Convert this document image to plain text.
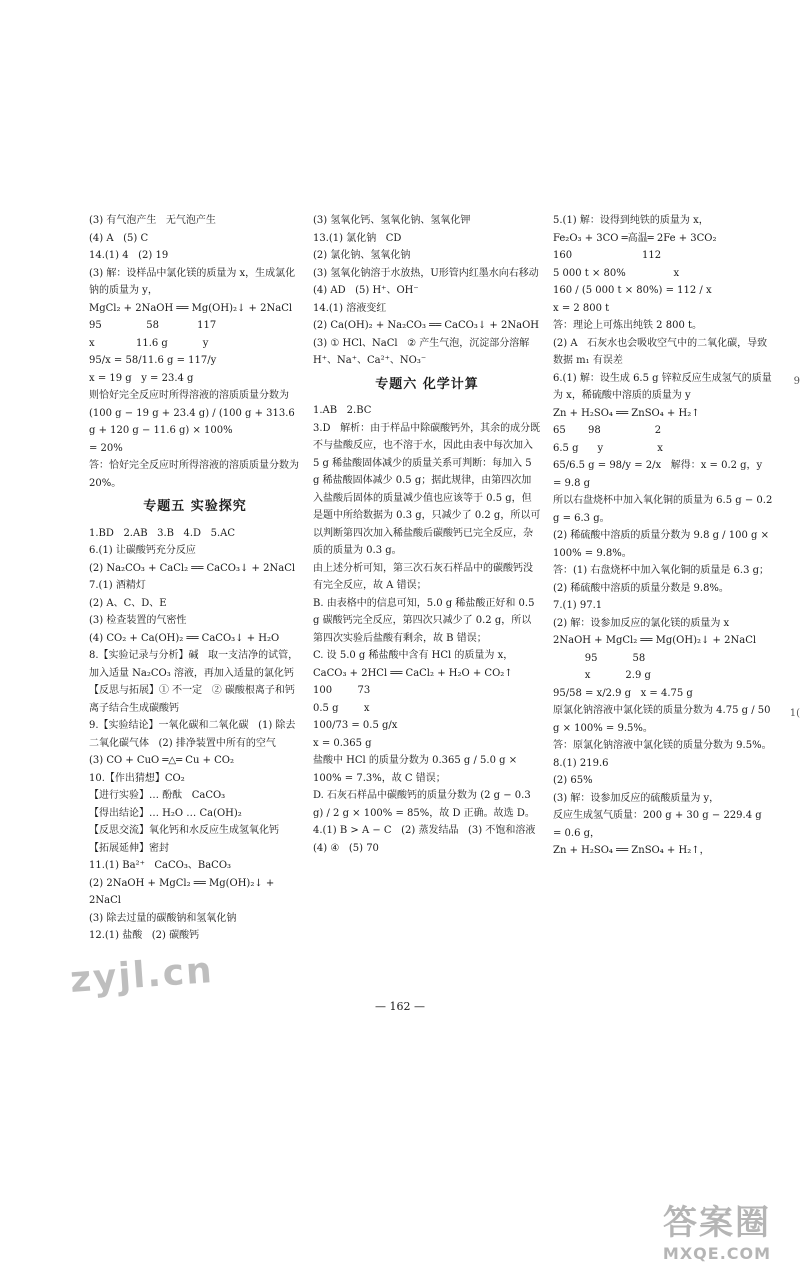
(3) 有气泡产生   无气泡产生
(4) A   (5) C
14.(1) 4   (2) 19
(3) 解：设样品中氯化镁的质量为 x，生成氯化钠的质量为 y，
MgCl₂ + 2NaOH ══ Mg(OH)₂↓ + 2NaCl
95              58            117
x             11.6 g           y
95/x = 58/11.6 g = 117/y
x = 19 g   y = 23.4 g
则恰好完全反应时所得溶液的溶质质量分数为 (100 g − 19 g + 23.4 g) / (100 g + 313.6 g + 120 g − 11.6 g) × 100%
= 20%
答：恰好完全反应时所得溶液的溶质质量分数为 20%。
专题五 实验探究
1.BD   2.AB   3.B   4.D   5.AC
6.(1) 让碳酸钙充分反应
(2) Na₂CO₃ + CaCl₂ ══ CaCO₃↓ + 2NaCl
7.(1) 酒精灯
(2) A、C、D、E
(3) 检查装置的气密性
(4) CO₂ + Ca(OH)₂ ══ CaCO₃↓ + H₂O
8.【实验记录与分析】碱   取一支洁净的试管，加入适量 Na₂CO₃ 溶液，再加入适量的氯化钙
【反思与拓展】① 不一定   ② 碳酸根离子和钙离子结合生成碳酸钙
9.【实验结论】一氧化碳和二氧化碳   (1) 除去二氧化碳气体   (2) 排净装置中所有的空气
(3) CO + CuO ═△═ Cu + CO₂
10.【作出猜想】CO₂
【进行实验】… 酚酞   CaCO₃
【得出结论】… H₂O … Ca(OH)₂
【反思交流】氧化钙和水反应生成氢氧化钙
【拓展延伸】密封
11.(1) Ba²⁺   CaCO₃、BaCO₃
(2) 2NaOH + MgCl₂ ══ Mg(OH)₂↓ + 2NaCl
(3) 除去过量的碳酸钠和氢氧化钠
12.(1) 盐酸   (2) 碳酸钙
(3) 氢氧化钙、氢氧化钠、氢氧化钾
13.(1) 氯化钠   CD
(2) 氯化钠、氢氧化钠
(3) 氢氧化钠溶于水放热，U形管内红墨水向右移动
(4) AD   (5) H⁺、OH⁻
14.(1) 溶液变红
(2) Ca(OH)₂ + Na₂CO₃ ══ CaCO₃↓ + 2NaOH
(3) ① HCl、NaCl   ② 产生气泡，沉淀部分溶解   H⁺、Na⁺、Ca²⁺、NO₃⁻
专题六 化学计算
1.AB   2.BC
3.D   解析：由于样品中除碳酸钙外，其余的成分既不与盐酸反应，也不溶于水，因此由表中每次加入 5 g 稀盐酸固体减少的质量关系可判断：每加入 5 g 稀盐酸固体减少 0.5 g；据此规律，由第四次加入盐酸后固体的质量减少值也应该等于 0.5 g，但是题中所给数据为 0.3 g，只减少了 0.2 g，所以可以判断第四次加入稀盐酸后碳酸钙已完全反应，杂质的质量为 0.3 g。
由上述分析可知，第三次石灰石样品中的碳酸钙没有完全反应，故 A 错误；
B. 由表格中的信息可知，5.0 g 稀盐酸正好和 0.5 g 碳酸钙完全反应，第四次只减少了 0.2 g，所以第四次实验后盐酸有剩余，故 B 错误；
C. 设 5.0 g 稀盐酸中含有 HCl 的质量为 x，
CaCO₃ + 2HCl ══ CaCl₂ + H₂O + CO₂↑
100        73
0.5 g        x
100/73 = 0.5 g/x
x = 0.365 g
盐酸中 HCl 的质量分数为 0.365 g / 5.0 g × 100% = 7.3%，故 C 错误；
D. 石灰石样品中碳酸钙的质量分数为 (2 g − 0.3 g) / 2 g × 100% = 85%，故 D 正确。故选 D。
4.(1) B > A − C   (2) 蒸发结晶   (3) 不饱和溶液
(4) ④   (5) 70
5.(1) 解：设得到纯铁的质量为 x，
Fe₂O₃ + 3CO ═高温═ 2Fe + 3CO₂
160                      112
5 000 t × 80%               x
160 / (5 000 t × 80%) = 112 / x
x = 2 800 t
答：理论上可炼出纯铁 2 800 t。
(2) A   石灰水也会吸收空气中的二氧化碳，导致数据 m₁ 有误差
6.(1) 解：设生成 6.5 g 锌粒反应生成氢气的质量为 x，稀硫酸中溶质的质量为 y
Zn + H₂SO₄ ══ ZnSO₄ + H₂↑
65       98                 2
6.5 g      y                 x
65/6.5 g = 98/y = 2/x   解得：x = 0.2 g，y = 9.8 g
所以右盘烧杯中加入氧化铜的质量为 6.5 g − 0.2 g = 6.3 g。
(2) 稀硫酸中溶质的质量分数为 9.8 g / 100 g × 100% = 9.8%。
答：(1) 右盘烧杯中加入氧化铜的质量是 6.3 g；(2) 稀硫酸中溶质的质量分数是 9.8%。
7.(1) 97.1
(2) 解：设参加反应的氯化镁的质量为 x
2NaOH + MgCl₂ ══ Mg(OH)₂↓ + 2NaCl
95           58
x           2.9 g
95/58 = x/2.9 g   x = 4.75 g
原氯化钠溶液中氯化镁的质量分数为 4.75 g / 50 g × 100% = 9.5%。
答：原氯化钠溶液中氯化镁的质量分数为 9.5%。
8.(1) 219.6
(2) 65%
(3) 解：设参加反应的硫酸质量为 y，
反应生成氢气质量：200 g + 30 g − 229.4 g = 0.6 g，
Zn + H₂SO₄ ══ ZnSO₄ + H₂↑，
— 162 —
zyjl.cn
答案圈
MXQE.COM
9
1(
